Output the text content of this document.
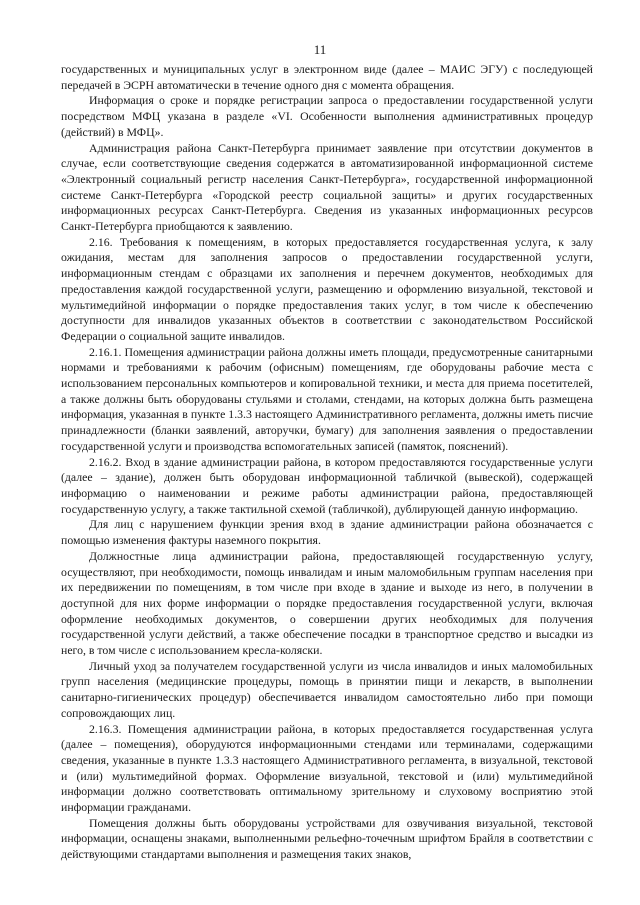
11

государственных и муниципальных услуг в электронном виде (далее – МАИС ЭГУ) с последующей передачей в ЭСРН автоматически в течение одного дня с момента обращения.

Информация о сроке и порядке регистрации запроса о предоставлении государственной услуги посредством МФЦ указана в разделе «VI. Особенности выполнения административных процедур (действий) в МФЦ».

Администрация района Санкт-Петербурга принимает заявление при отсутствии документов в случае, если соответствующие сведения содержатся в автоматизированной информационной системе «Электронный социальный регистр населения Санкт-Петербурга», государственной информационной системе Санкт-Петербурга «Городской реестр социальной защиты» и других государственных информационных ресурсах Санкт-Петербурга. Сведения из указанных информационных ресурсов Санкт-Петербурга приобщаются к заявлению.

2.16. Требования к помещениям, в которых предоставляется государственная услуга, к залу ожидания, местам для заполнения запросов о предоставлении государственной услуги, информационным стендам с образцами их заполнения и перечнем документов, необходимых для предоставления каждой государственной услуги, размещению и оформлению визуальной, текстовой и мультимедийной информации о порядке предоставления таких услуг, в том числе к обеспечению доступности для инвалидов указанных объектов в соответствии с законодательством Российской Федерации о социальной защите инвалидов.

2.16.1. Помещения администрации района должны иметь площади, предусмотренные санитарными нормами и требованиями к рабочим (офисным) помещениям, где оборудованы рабочие места с использованием персональных компьютеров и копировальной техники, и места для приема посетителей, а также должны быть оборудованы стульями и столами, стендами, на которых должна быть размещена информация, указанная в пункте 1.3.3 настоящего Административного регламента, должны иметь писчие принадлежности (бланки заявлений, авторучки, бумагу) для заполнения заявления о предоставлении государственной услуги и производства вспомогательных записей (памяток, пояснений).

2.16.2. Вход в здание администрации района, в котором предоставляются государственные услуги (далее – здание), должен быть оборудован информационной табличкой (вывеской), содержащей информацию о наименовании и режиме работы администрации района, предоставляющей государственную услугу, а также тактильной схемой (табличкой), дублирующей данную информацию.

Для лиц с нарушением функции зрения вход в здание администрации района обозначается с помощью изменения фактуры наземного покрытия.

Должностные лица администрации района, предоставляющей государственную услугу, осуществляют, при необходимости, помощь инвалидам и иным маломобильным группам населения при их передвижении по помещениям, в том числе при входе в здание и выходе из него, в получении в доступной для них форме информации о порядке предоставления государственной услуги, включая оформление необходимых документов, о совершении других необходимых для получения государственной услуги действий, а также обеспечение посадки в транспортное средство и высадки из него, в том числе с использованием кресла-коляски.

Личный уход за получателем государственной услуги из числа инвалидов и иных маломобильных групп населения (медицинские процедуры, помощь в принятии пищи и лекарств, в выполнении санитарно-гигиенических процедур) обеспечивается инвалидом самостоятельно либо при помощи сопровождающих лиц.

2.16.3. Помещения администрации района, в которых предоставляется государственная услуга (далее – помещения), оборудуются информационными стендами или терминалами, содержащими сведения, указанные в пункте 1.3.3 настоящего Административного регламента, в визуальной, текстовой и (или) мультимедийной формах. Оформление визуальной, текстовой и (или) мультимедийной информации должно соответствовать оптимальному зрительному и слуховому восприятию этой информации гражданами.

Помещения должны быть оборудованы устройствами для озвучивания визуальной, текстовой информации, оснащены знаками, выполненными рельефно-точечным шрифтом Брайля в соответствии с действующими стандартами выполнения и размещения таких знаков,
